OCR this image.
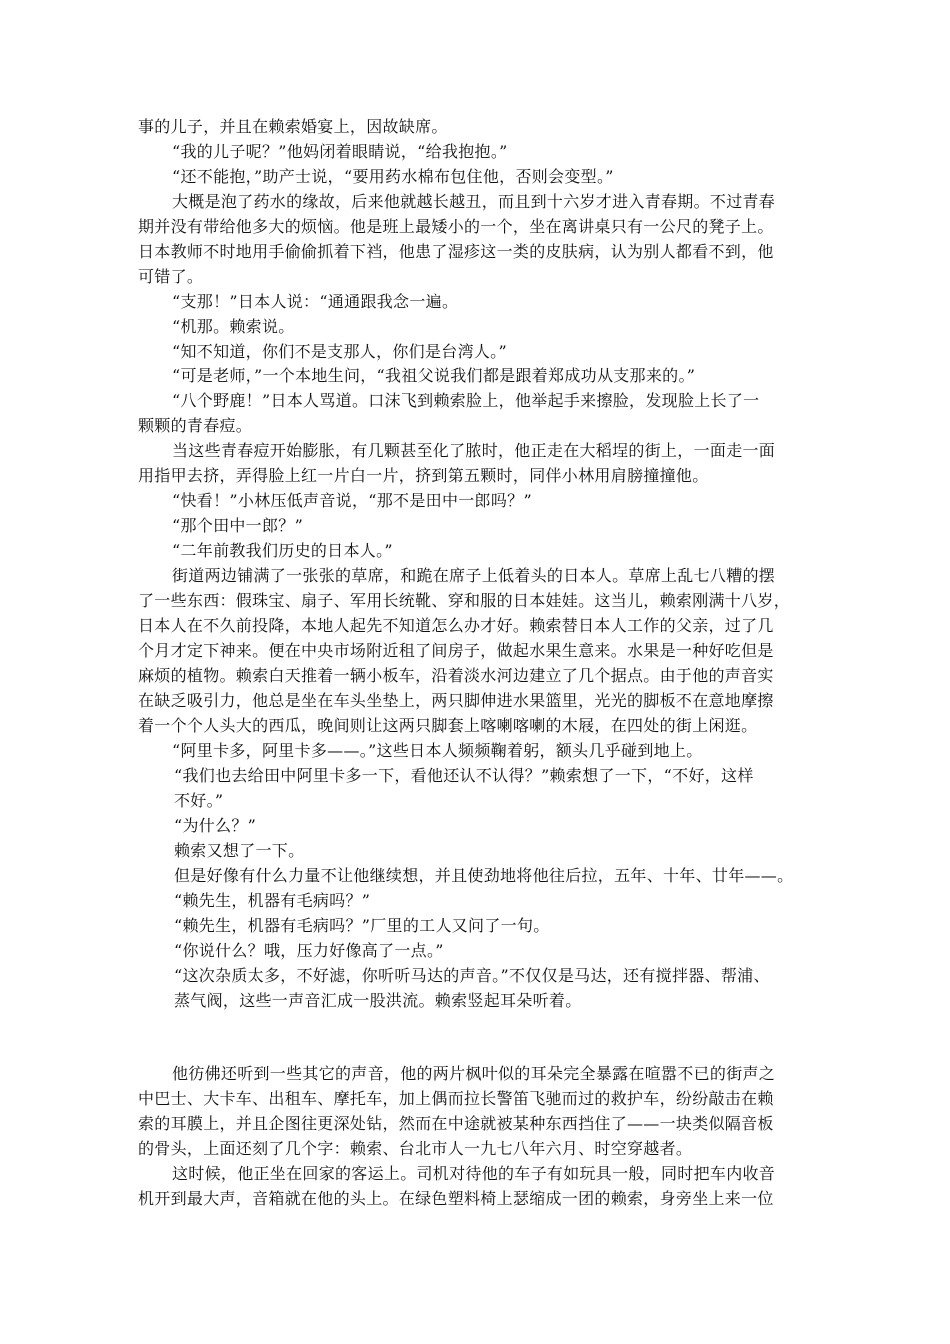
事的儿子，并且在赖索婚宴上，因故缺席。
“我的儿子呢？”他妈闭着眼睛说，“给我抱抱。”
“还不能抱，”助产士说，“要用药水棉布包住他，否则会变型。”
大概是泡了药水的缘故，后来他就越长越丑，而且到十六岁才进入青春期。不过青春
期并没有带给他多大的烦恼。他是班上最矮小的一个，坐在离讲桌只有一公尺的凳子上。
日本教师不时地用手偷偷抓着下裆，他患了湿疹这一类的皮肤病，认为别人都看不到，他
可错了。
“支那！”日本人说：“通通跟我念一遍。
“机那。赖索说。
“知不知道，你们不是支那人，你们是台湾人。”
“可是老师，”一个本地生问，“我祖父说我们都是跟着郑成功从支那来的。”
“八个野鹿！”日本人骂道。口沫飞到赖索脸上，他举起手来擦脸，发现脸上长了一
颗颗的青春痘。
当这些青春痘开始膨胀，有几颗甚至化了脓时，他正走在大稻埕的街上，一面走一面
用指甲去挤，弄得脸上红一片白一片，挤到第五颗时，同伴小林用肩膀撞撞他。
“快看！”小林压低声音说，“那不是田中一郎吗？”
“那个田中一郎？”
“二年前教我们历史的日本人。”
街道两边铺满了一张张的草席，和跪在席子上低着头的日本人。草席上乱七八糟的摆
了一些东西：假珠宝、扇子、军用长统靴、穿和服的日本娃娃。这当儿，赖索刚满十八岁，
日本人在不久前投降，本地人起先不知道怎么办才好。赖索替日本人工作的父亲，过了几
个月才定下神来。便在中央市场附近租了间房子，做起水果生意来。水果是一种好吃但是
麻烦的植物。赖索白天推着一辆小板车，沿着淡水河边建立了几个据点。由于他的声音实
在缺乏吸引力，他总是坐在车头坐垫上，两只脚伸进水果篮里，光光的脚板不在意地摩擦
着一个个人头大的西瓜，晚间则让这两只脚套上喀喇喀喇的木屐，在四处的街上闲逛。
“阿里卡多，阿里卡多——。”这些日本人频频鞠着躬，额头几乎碰到地上。
“我们也去给田中阿里卡多一下，看他还认不认得？”赖索想了一下，“不好，这样
不好。”
“为什么？”
赖索又想了一下。
但是好像有什么力量不让他继续想，并且使劲地将他往后拉，五年、十年、廿年——。
“赖先生，机器有毛病吗？”
“赖先生，机器有毛病吗？”厂里的工人又问了一句。
“你说什么？哦，压力好像高了一点。”
“这次杂质太多，不好滤，你听听马达的声音。”不仅仅是马达，还有搅拌器、帮浦、
蒸气阀，这些一声音汇成一股洪流。赖索竖起耳朵听着。
他彷佛还听到一些其它的声音，他的两片枫叶似的耳朵完全暴露在喧嚣不已的街声之
中巴士、大卡车、出租车、摩托车，加上偶而拉长警笛飞驰而过的救护车，纷纷敲击在赖
索的耳膜上，并且企图往更深处钻，然而在中途就被某种东西挡住了——一块类似隔音板
的骨头，上面还刻了几个字：赖索、台北市人一九七八年六月、时空穿越者。
这时候，他正坐在回家的客运上。司机对待他的车子有如玩具一般，同时把车内收音
机开到最大声，音箱就在他的头上。在绿色塑料椅上瑟缩成一团的赖索，身旁坐上来一位
